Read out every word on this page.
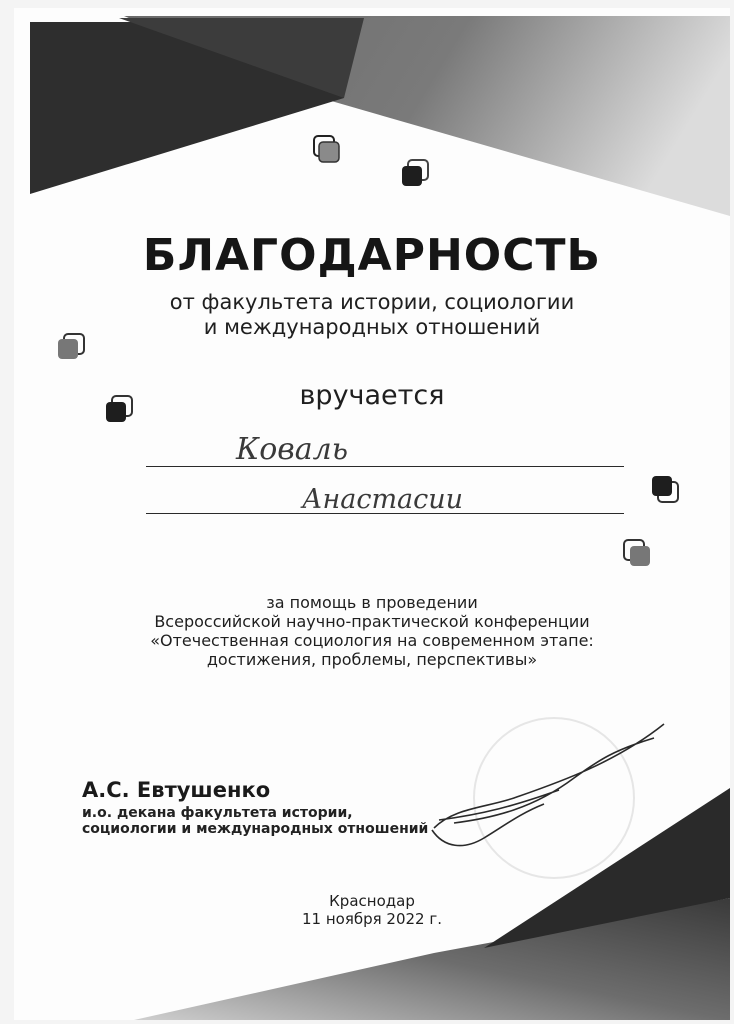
БЛАГОДАРНОСТЬ
от факультета истории, социологии
и международных отношений
вручается
Коваль
Анастасии
за помощь в проведении
Всероссийской научно-практической конференции
«Отечественная социология на современном этапе:
достижения, проблемы, перспективы»
А.С. Евтушенко
и.о. декана факультета истории,
социологии и международных отношений
Краснодар
11 ноября 2022 г.
